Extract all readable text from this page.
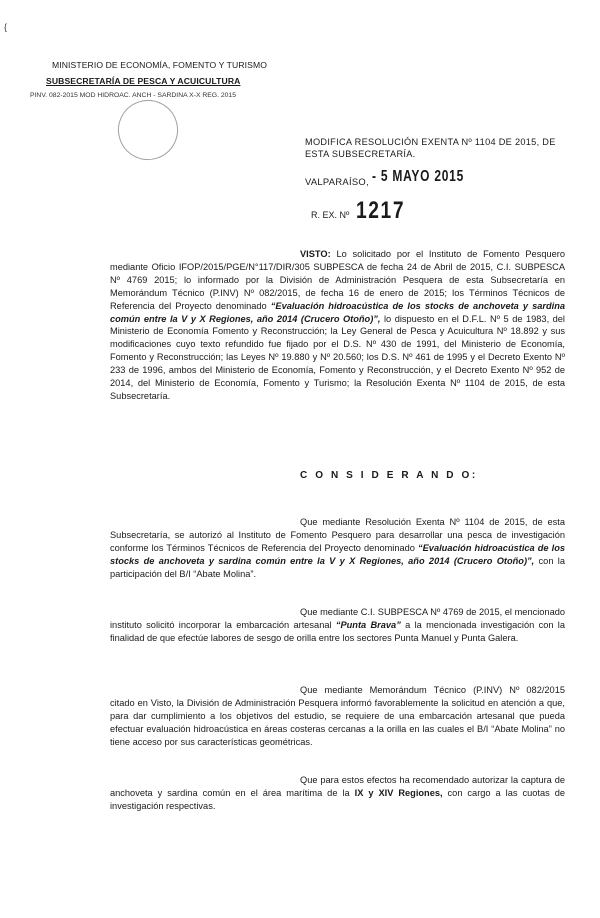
{
MINISTERIO DE ECONOMÍA, FOMENTO Y TURISMO
SUBSECRETARÍA DE PESCA Y ACUICULTURA
PINV. 082-2015 MOD HIDROAC. ANCH - SARDINA X-X REG. 2015
MODIFICA RESOLUCIÓN EXENTA Nº 1104 DE 2015, DE ESTA SUBSECRETARÍA.
VALPARAÍSO, - 5 MAYO 2015
R. EX. Nº 1217
VISTO: Lo solicitado por el Instituto de Fomento Pesquero mediante Oficio IFOP/2015/PGE/N°117/DIR/305 SUBPESCA de fecha 24 de Abril de 2015, C.I. SUBPESCA Nº 4769 2015; lo informado por la División de Administración Pesquera de esta Subsecretaría en Memorándum Técnico (P.INV) Nº 082/2015, de fecha 16 de enero de 2015; los Términos Técnicos de Referencia del Proyecto denominado “Evaluación hidroacústica de los stocks de anchoveta y sardina común entre la V y X Regiones, año 2014 (Crucero Otoño)”, lo dispuesto en el D.F.L. Nº 5 de 1983, del Ministerio de Economía Fomento y Reconstrucción; la Ley General de Pesca y Acuicultura Nº 18.892 y sus modificaciones cuyo texto refundido fue fijado por el D.S. Nº 430 de 1991, del Ministerio de Economía, Fomento y Reconstrucción; las Leyes Nº 19.880 y Nº 20.560; los D.S. Nº 461 de 1995 y el Decreto Exento Nº 233 de 1996, ambos del Ministerio de Economía, Fomento y Reconstrucción, y el Decreto Exento Nº 952 de 2014, del Ministerio de Economía, Fomento y Turismo; la Resolución Exenta Nº 1104 de 2015, de esta Subsecretaría.
C O N S I D E R A N D O:
Que mediante Resolución Exenta Nº 1104 de 2015, de esta Subsecretaría, se autorizó al Instituto de Fomento Pesquero para desarrollar una pesca de investigación conforme los Términos Técnicos de Referencia del Proyecto denominado “Evaluación hidroacústica de los stocks de anchoveta y sardina común entre la V y X Regiones, año 2014 (Crucero Otoño)”, con la participación del B/I “Abate Molina”.
Que mediante C.I. SUBPESCA Nº 4769 de 2015, el mencionado instituto solicitó incorporar la embarcación artesanal “Punta Brava” a la mencionada investigación con la finalidad de que efectúe labores de sesgo de orilla entre los sectores Punta Manuel y Punta Galera.
Que mediante Memorándum Técnico (P.INV) Nº 082/2015 citado en Visto, la División de Administración Pesquera informó favorablemente la solicitud en atención a que, para dar cumplimiento a los objetivos del estudio, se requiere de una embarcación artesanal que pueda efectuar evaluación hidroacústica en áreas costeras cercanas a la orilla en las cuales el B/I “Abate Molina” no tiene acceso por sus características geométricas.
Que para estos efectos ha recomendado autorizar la captura de anchoveta y sardina común en el área marítima de la IX y XIV Regiones, con cargo a las cuotas de investigación respectivas.
